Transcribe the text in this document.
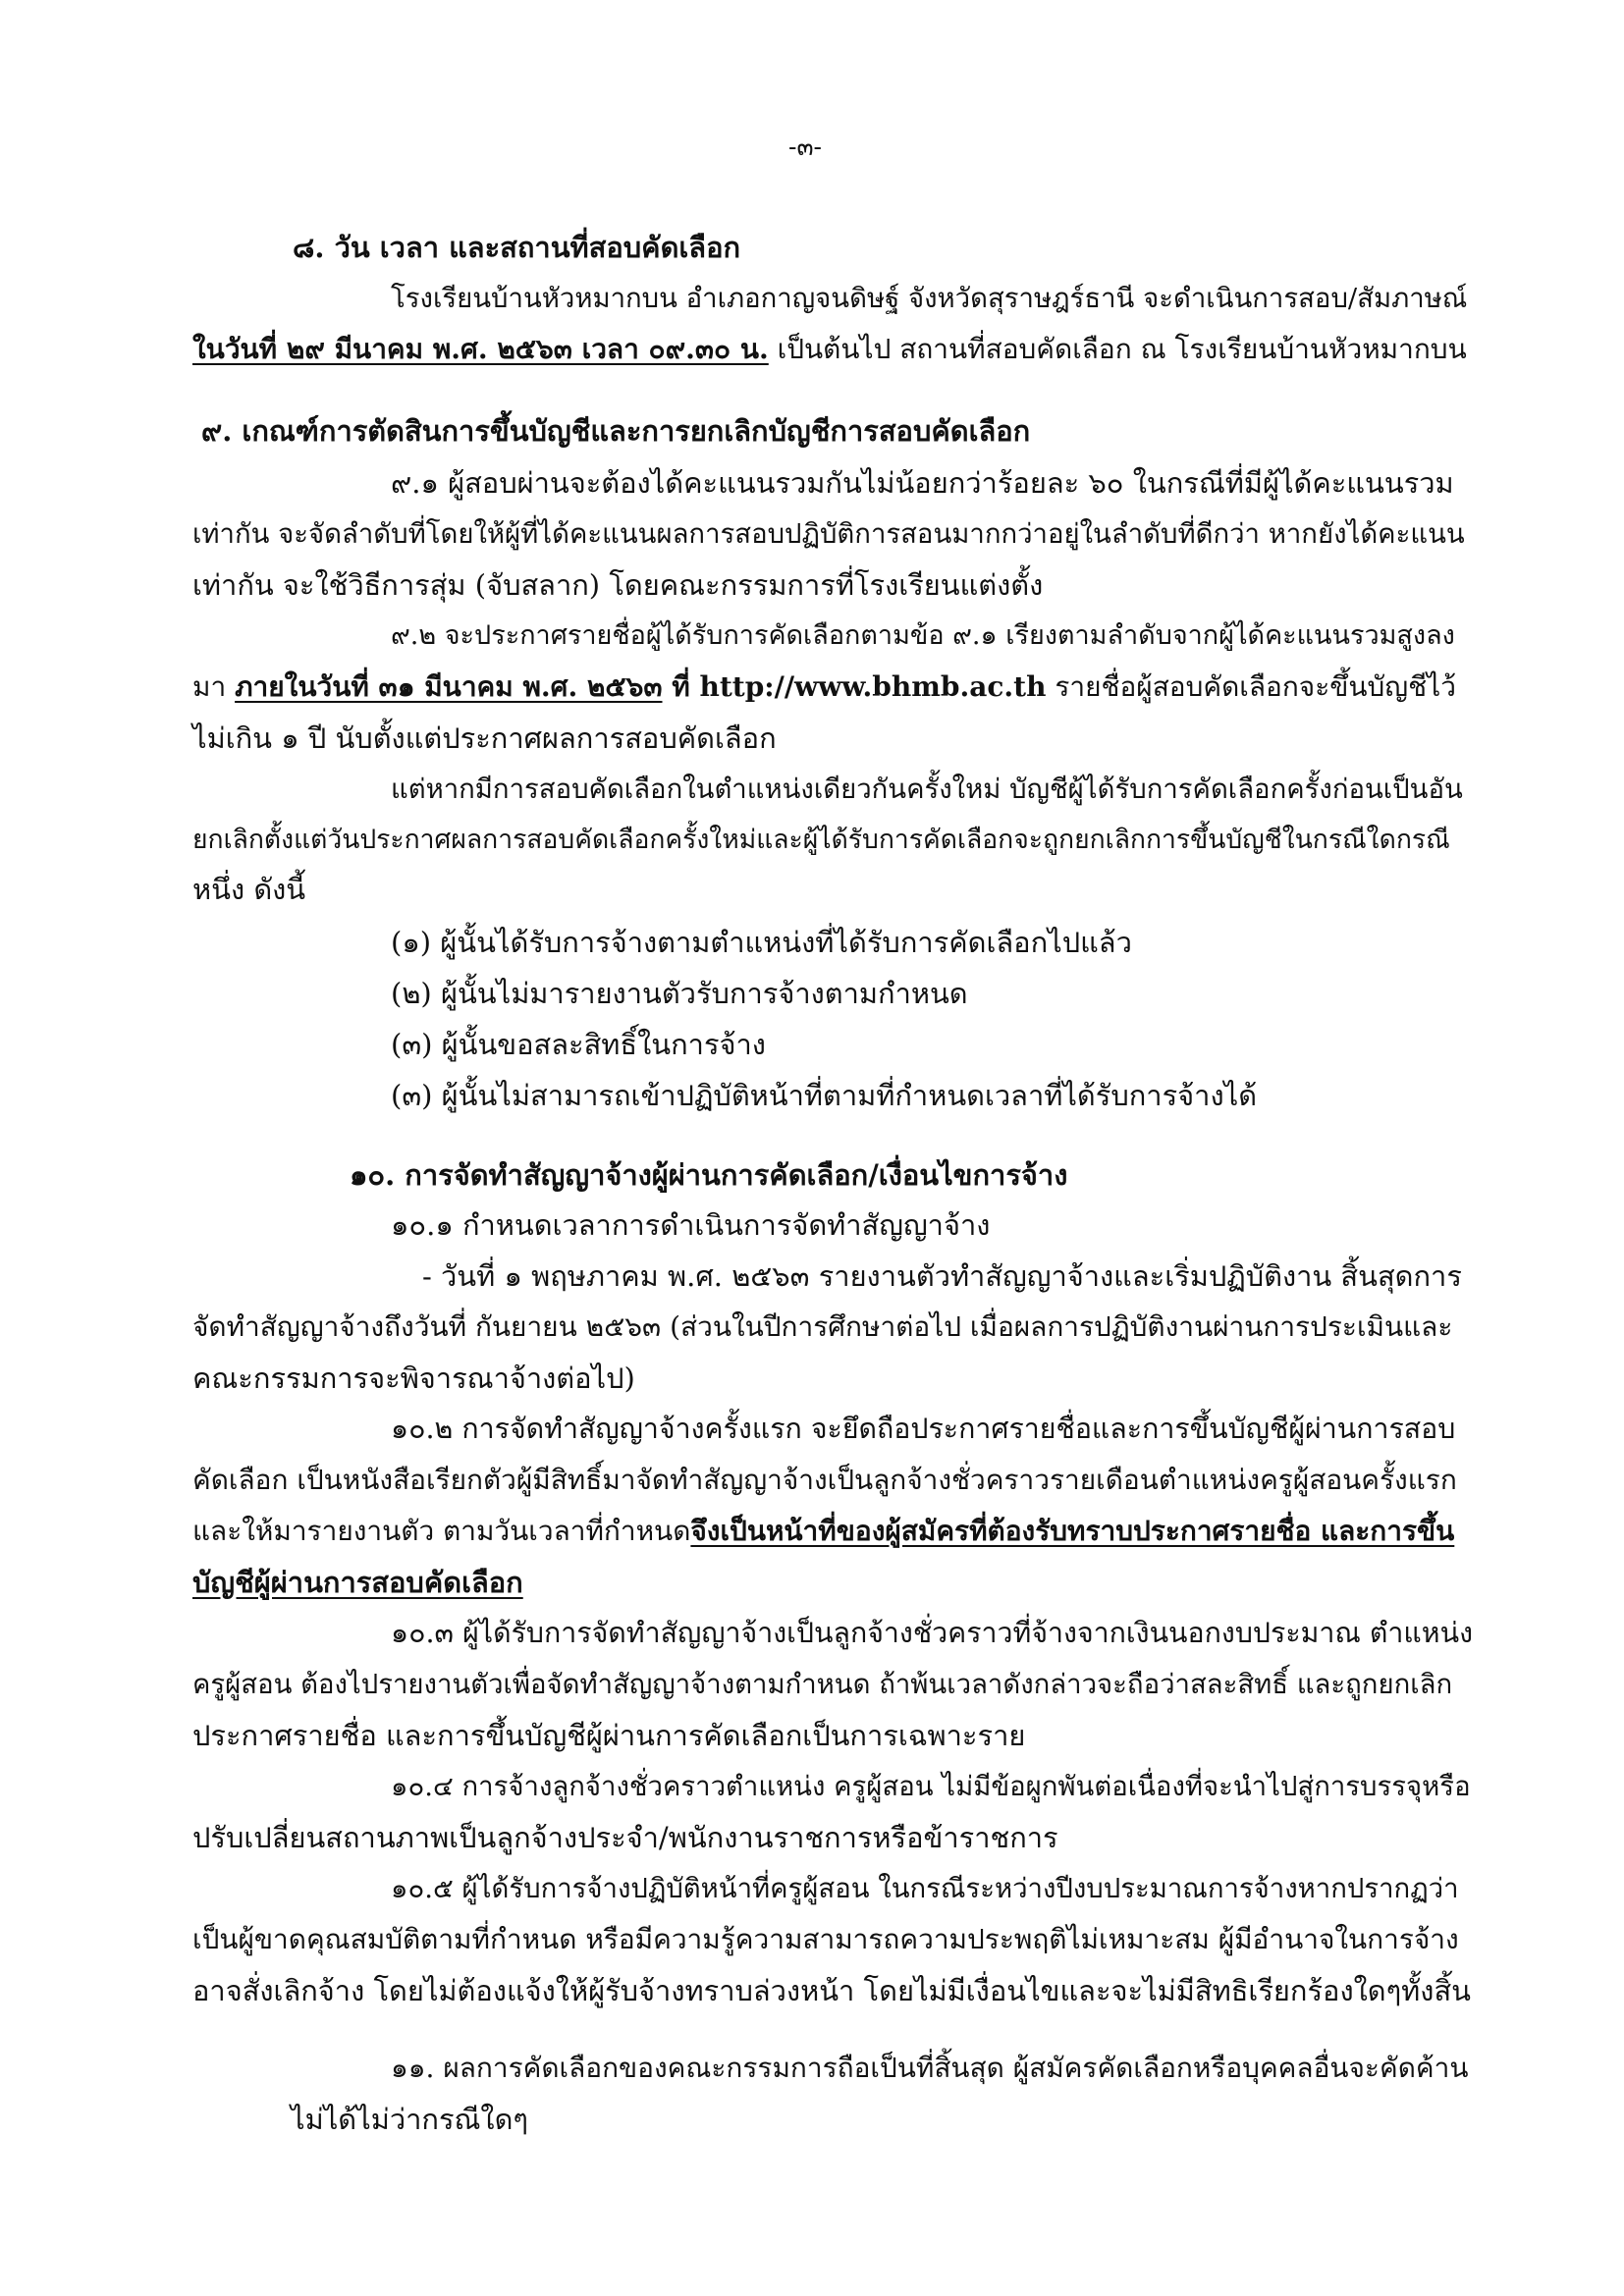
-๓-
๘. วัน เวลา และสถานที่สอบคัดเลือก
โรงเรียนบ้านหัวหมากบน อำเภอกาญจนดิษฐ์ จังหวัดสุราษฎร์ธานี จะดำเนินการสอบ/สัมภาษณ์
ในวันที่ ๒๙ มีนาคม พ.ศ. ๒๕๖๓ เวลา ๐๙.๓๐ น. เป็นต้นไป สถานที่สอบคัดเลือก ณ โรงเรียนบ้านหัวหมากบน
๙. เกณฑ์การตัดสินการขึ้นบัญชีและการยกเลิกบัญชีการสอบคัดเลือก
๙.๑ ผู้สอบผ่านจะต้องได้คะแนนรวมกันไม่น้อยกว่าร้อยละ ๖๐ ในกรณีที่มีผู้ได้คะแนนรวม
เท่ากัน จะจัดลำดับที่โดยให้ผู้ที่ได้คะแนนผลการสอบปฏิบัติการสอนมากกว่าอยู่ในลำดับที่ดีกว่า หากยังได้คะแนน
เท่ากัน จะใช้วิธีการสุ่ม (จับสลาก) โดยคณะกรรมการที่โรงเรียนแต่งตั้ง
๙.๒ จะประกาศรายชื่อผู้ได้รับการคัดเลือกตามข้อ ๙.๑ เรียงตามลำดับจากผู้ได้คะแนนรวมสูงลง
มา ภายในวันที่ ๓๑ มีนาคม พ.ศ. ๒๕๖๓ ที่ http://www.bhmb.ac.th รายชื่อผู้สอบคัดเลือกจะขึ้นบัญชีไว้
ไม่เกิน ๑ ปี นับตั้งแต่ประกาศผลการสอบคัดเลือก
แต่หากมีการสอบคัดเลือกในตำแหน่งเดียวกันครั้งใหม่ บัญชีผู้ได้รับการคัดเลือกครั้งก่อนเป็นอัน
ยกเลิกตั้งแต่วันประกาศผลการสอบคัดเลือกครั้งใหม่และผู้ได้รับการคัดเลือกจะถูกยกเลิกการขึ้นบัญชีในกรณีใดกรณี
หนึ่ง ดังนี้
(๑) ผู้นั้นได้รับการจ้างตามตำแหน่งที่ได้รับการคัดเลือกไปแล้ว
(๒) ผู้นั้นไม่มารายงานตัวรับการจ้างตามกำหนด
(๓) ผู้นั้นขอสละสิทธิ์ในการจ้าง
(๓) ผู้นั้นไม่สามารถเข้าปฏิบัติหน้าที่ตามที่กำหนดเวลาที่ได้รับการจ้างได้
๑๐. การจัดทำสัญญาจ้างผู้ผ่านการคัดเลือก/เงื่อนไขการจ้าง
๑๐.๑ กำหนดเวลาการดำเนินการจัดทำสัญญาจ้าง
- วันที่ ๑ พฤษภาคม พ.ศ. ๒๕๖๓ รายงานตัวทำสัญญาจ้างและเริ่มปฏิบัติงาน สิ้นสุดการ
จัดทำสัญญาจ้างถึงวันที่ กันยายน ๒๕๖๓ (ส่วนในปีการศึกษาต่อไป เมื่อผลการปฏิบัติงานผ่านการประเมินและ
คณะกรรมการจะพิจารณาจ้างต่อไป)
๑๐.๒ การจัดทำสัญญาจ้างครั้งแรก จะยึดถือประกาศรายชื่อและการขึ้นบัญชีผู้ผ่านการสอบ
คัดเลือก เป็นหนังสือเรียกตัวผู้มีสิทธิ์มาจัดทำสัญญาจ้างเป็นลูกจ้างชั่วคราวรายเดือนตำแหน่งครูผู้สอนครั้งแรก
และให้มารายงานตัว ตามวันเวลาที่กำหนดจึงเป็นหน้าที่ของผู้สมัครที่ต้องรับทราบประกาศรายชื่อ และการขึ้น
บัญชีผู้ผ่านการสอบคัดเลือก
๑๐.๓ ผู้ได้รับการจัดทำสัญญาจ้างเป็นลูกจ้างชั่วคราวที่จ้างจากเงินนอกงบประมาณ ตำแหน่ง
ครูผู้สอน ต้องไปรายงานตัวเพื่อจัดทำสัญญาจ้างตามกำหนด ถ้าพ้นเวลาดังกล่าวจะถือว่าสละสิทธิ์ และถูกยกเลิก
ประกาศรายชื่อ และการขึ้นบัญชีผู้ผ่านการคัดเลือกเป็นการเฉพาะราย
๑๐.๔ การจ้างลูกจ้างชั่วคราวตำแหน่ง ครูผู้สอน ไม่มีข้อผูกพันต่อเนื่องที่จะนำไปสู่การบรรจุหรือ
ปรับเปลี่ยนสถานภาพเป็นลูกจ้างประจำ/พนักงานราชการหรือข้าราชการ
๑๐.๕ ผู้ได้รับการจ้างปฏิบัติหน้าที่ครูผู้สอน ในกรณีระหว่างปีงบประมาณการจ้างหากปรากฏว่า
เป็นผู้ขาดคุณสมบัติตามที่กำหนด หรือมีความรู้ความสามารถความประพฤติไม่เหมาะสม ผู้มีอำนาจในการจ้าง
อาจสั่งเลิกจ้าง โดยไม่ต้องแจ้งให้ผู้รับจ้างทราบล่วงหน้า โดยไม่มีเงื่อนไขและจะไม่มีสิทธิเรียกร้องใดๆทั้งสิ้น
๑๑. ผลการคัดเลือกของคณะกรรมการถือเป็นที่สิ้นสุด ผู้สมัครคัดเลือกหรือบุคคลอื่นจะคัดค้าน
ไม่ได้ไม่ว่ากรณีใดๆ
